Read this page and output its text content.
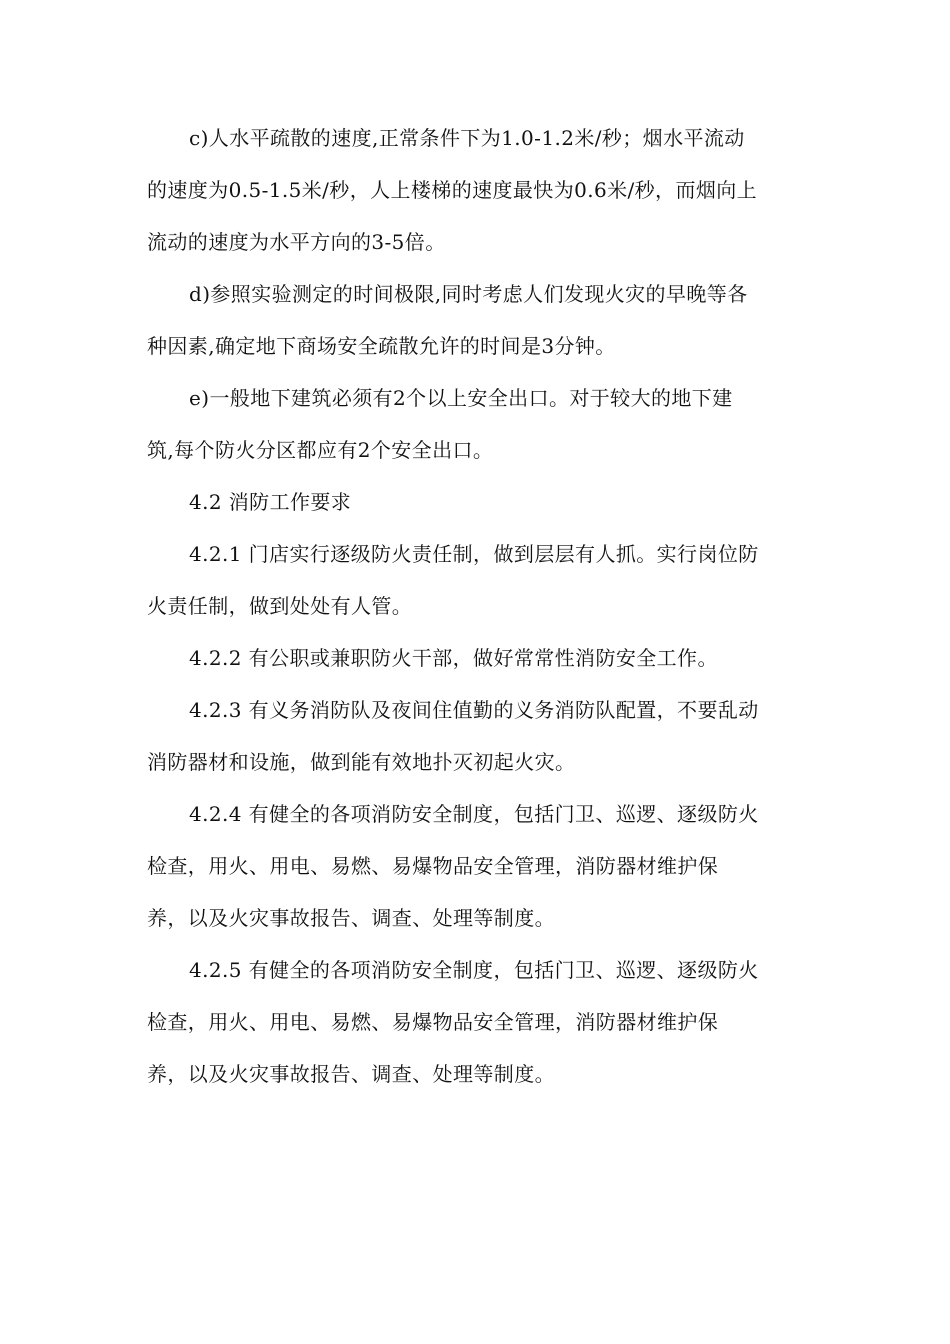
c)人水平疏散的速度,正常条件下为1.0-1.2米/秒；烟水平流动
的速度为0.5-1.5米/秒，人上楼梯的速度最快为0.6米/秒，而烟向上
流动的速度为水平方向的3-5倍。

d)参照实验测定的时间极限,同时考虑人们发现火灾的早晚等各
种因素,确定地下商场安全疏散允许的时间是3分钟。

e)一般地下建筑必须有2个以上安全出口。对于较大的地下建
筑,每个防火分区都应有2个安全出口。

4.2 消防工作要求

4.2.1 门店实行逐级防火责任制，做到层层有人抓。实行岗位防
火责任制，做到处处有人管。

4.2.2 有公职或兼职防火干部，做好常常性消防安全工作。

4.2.3 有义务消防队及夜间住值勤的义务消防队配置，不要乱动
消防器材和设施，做到能有效地扑灭初起火灾。

4.2.4 有健全的各项消防安全制度，包括门卫、巡逻、逐级防火
检查，用火、用电、易燃、易爆物品安全管理，消防器材维护保
养，以及火灾事故报告、调查、处理等制度。

4.2.5 有健全的各项消防安全制度，包括门卫、巡逻、逐级防火
检查，用火、用电、易燃、易爆物品安全管理，消防器材维护保
养，以及火灾事故报告、调查、处理等制度。
